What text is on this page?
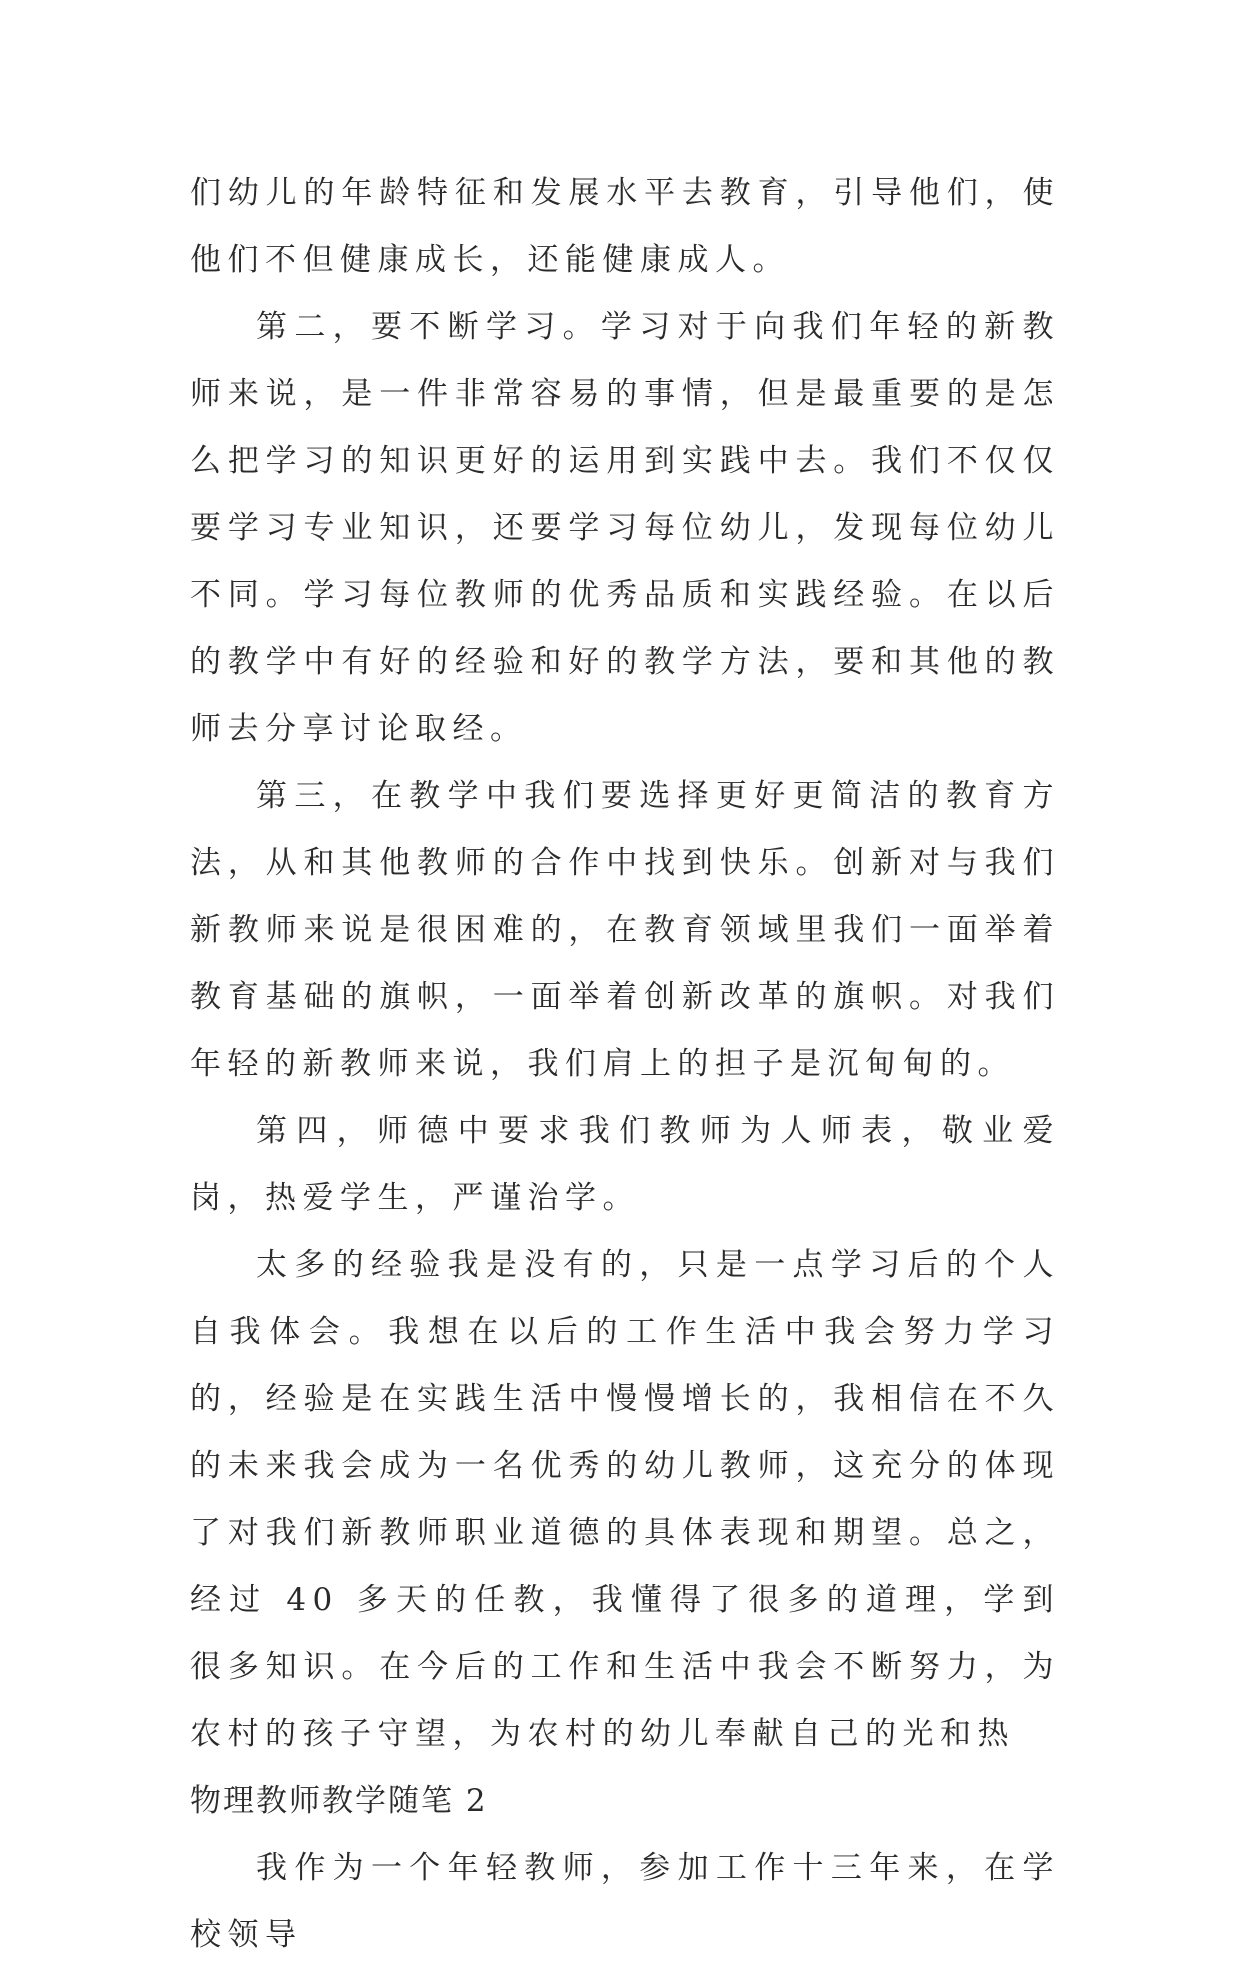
们幼儿的年龄特征和发展水平去教育，引导他们，使他们不但健康成长，还能健康成人。

第二，要不断学习。学习对于向我们年轻的新教师来说，是一件非常容易的事情，但是最重要的是怎么把学习的知识更好的运用到实践中去。我们不仅仅要学习专业知识，还要学习每位幼儿，发现每位幼儿不同。学习每位教师的优秀品质和实践经验。在以后的教学中有好的经验和好的教学方法，要和其他的教师去分享讨论取经。

第三，在教学中我们要选择更好更简洁的教育方法，从和其他教师的合作中找到快乐。创新对与我们新教师来说是很困难的，在教育领域里我们一面举着教育基础的旗帜，一面举着创新改革的旗帜。对我们年轻的新教师来说，我们肩上的担子是沉甸甸的。

第四，师德中要求我们教师为人师表，敬业爱岗，热爱学生，严谨治学。

太多的经验我是没有的，只是一点学习后的个人自我体会。我想在以后的工作生活中我会努力学习的，经验是在实践生活中慢慢增长的，我相信在不久的未来我会成为一名优秀的幼儿教师，这充分的体现了对我们新教师职业道德的具体表现和期望。总之，经过 40 多天的任教，我懂得了很多的道理，学到很多知识。在今后的工作和生活中我会不断努力，为农村的孩子守望，为农村的幼儿奉献自己的光和热

物理教师教学随笔 2

我作为一个年轻教师，参加工作十三年来，在学校领导
